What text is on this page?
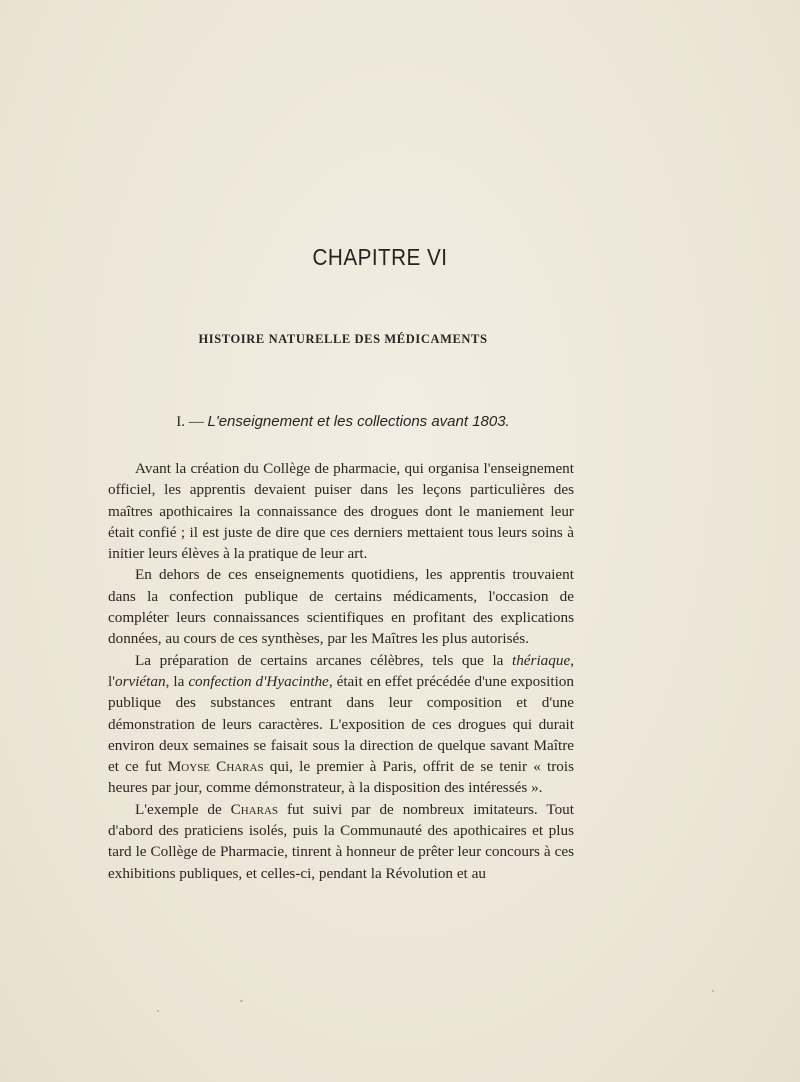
CHAPITRE VI
HISTOIRE NATURELLE DES MÉDICAMENTS
I. — L'enseignement et les collections avant 1803.

Avant la création du Collège de pharmacie, qui organisa l'enseignement officiel, les apprentis devaient puiser dans les leçons particulières des maîtres apothicaires la connaissance des drogues dont le maniement leur était confié ; il est juste de dire que ces derniers mettaient tous leurs soins à initier leurs élèves à la pratique de leur art.

En dehors de ces enseignements quotidiens, les apprentis trouvaient dans la confection publique de certains médicaments, l'occasion de compléter leurs connaissances scientifiques en profitant des explications données, au cours de ces synthèses, par les Maîtres les plus autorisés.

La préparation de certains arcanes célèbres, tels que la thériaque, l'orviétan, la confection d'Hyacinthe, était en effet précédée d'une exposition publique des substances entrant dans leur composition et d'une démonstration de leurs caractères. L'exposition de ces drogues qui durait environ deux semaines se faisait sous la direction de quelque savant Maître et ce fut Moyse Charas qui, le premier à Paris, offrit de se tenir « trois heures par jour, comme démonstrateur, à la disposition des intéressés ».

L'exemple de Charas fut suivi par de nombreux imitateurs. Tout d'abord des praticiens isolés, puis la Communauté des apothicaires et plus tard le Collège de Pharmacie, tinrent à honneur de prêter leur concours à ces exhibitions publiques, et celles-ci, pendant la Révolution et au
